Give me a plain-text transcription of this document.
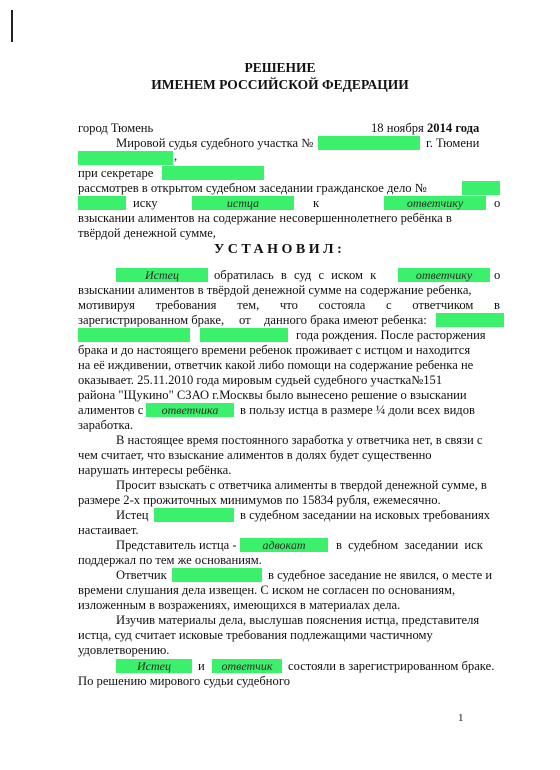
РЕШЕНИЕ
ИМЕНЕМ РОССИЙСКОЙ ФЕДЕРАЦИИ
город Тюмень	18 ноября 2014 года
Мировой судья судебного участка №	г. Тюмени
,
при секретаре
рассмотрев в открытом судебном заседании гражданское дело №
иску	истца	к	ответчику	о
взыскании алиментов на содержание несовершеннолетнего ребёнка в
твёрдой денежной сумме,
УСТАНОВИЛ:
Истец	обратилась в суд с иском к	ответчику	о
взыскании алиментов в твёрдой денежной сумме на содержание ребенка,
мотивируя требования тем, что состояла с ответчиком в
зарегистрированном браке, от данного брака имеют ребенка:
года рождения. После расторжения
брака и до настоящего времени ребенок проживает с истцом и находится
на её иждивении, ответчик какой либо помощи на содержание ребенка не
оказывает. 25.11.2010 года мировым судьей судебного участка№151
района "Щукино" СЗАО г.Москвы было вынесено решение о взыскании
алиментов с	ответчика	в пользу истца в размере ¼ доли всех видов
заработка.
В настоящее время постоянного заработка у ответчика нет, в связи с
чем считает, что взыскание алиментов в долях будет существенно
нарушать интересы ребёнка.
Просит взыскать с ответчика алименты в твердой денежной сумме, в
размере 2-х прожиточных минимумов по 15834 рубля, ежемесячно.
Истец	в судебном заседании на исковых требованиях
настаивает.
Представитель истца -	адвокат	в судебном заседании иск
поддержал по тем же основаниям.
Ответчик	в судебное заседание не явился, о месте и
времени слушания дела извещен. С иском не согласен по основаниям,
изложенным в возражениях, имеющихся в материалах дела.
Изучив материалы дела, выслушав пояснения истца, представителя
истца, суд считает исковые требования подлежащими частичному
удовлетворению.
Истец	и	ответчик	состояли в зарегистрированном браке.
По решению мирового судьи судебного
1
